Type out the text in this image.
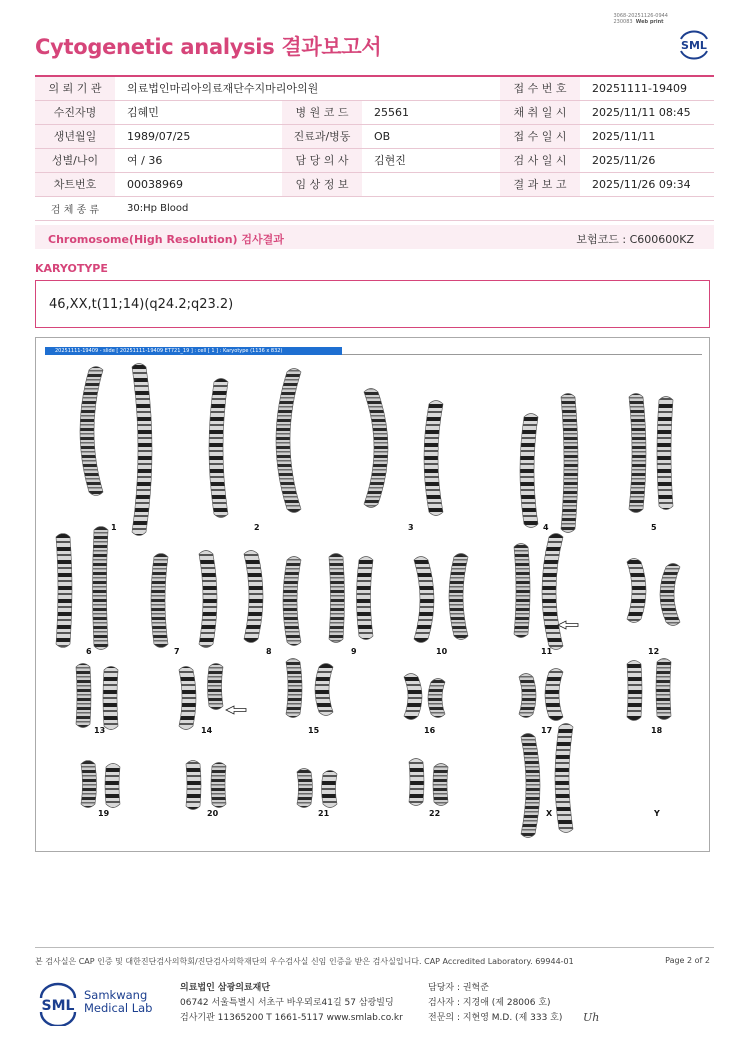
3068-20251126-0944
230083 Web print
Cytogenetic analysis 결과보고서	SML
의 뢰 기 관	의료법인마리아의료재단수지마리아의원			접 수 번 호	20251111-19409
수진자명	김혜민	병 원 코 드	25561	채 취 일 시	2025/11/11 08:45
생년월일	1989/07/25	진료과/병동	OB	접 수 일 시	2025/11/11
성별/나이	여 / 36	담 당 의 사	김현진	검 사 일 시	2025/11/26
차트번호	00038969	임 상 정 보		결 과 보 고	2025/11/26 09:34
검 체 종 류	30:Hp Blood				
Chromosome(High Resolution) 검사결과	보험코드 : C600600KZ
KARYOTYPE
46,XX,t(11;14)(q24.2;q23.2)
20251111-19409 - slide [ 20251111-19409 ET721_19 ] : cell [ 1 ] : Karyotype (1136 x 832)
1	2	3	4	5
6	7	8	9	10	11	12
13	14	15	16	17	18
19	20	21	22	X	Y
본 검사실은 CAP 인증 및 대한진단검사의학회/진단검사의학재단의 우수검사실 신임 인증을 받은 검사실입니다. CAP Accredited Laboratory. 69944-01	Page 2 of 2
SML
Samkwang
Medical Lab
의료법인 삼광의료재단
06742 서울특별시 서초구 바우뫼로41길 57 삼광빌딩
검사기관 11365200 T 1661-5117 www.smlab.co.kr
담당자 : 권혁준
검사자 : 지경애 (제 28006 호)
전문의 : 지현영 M.D. (제 333 호) Uh
